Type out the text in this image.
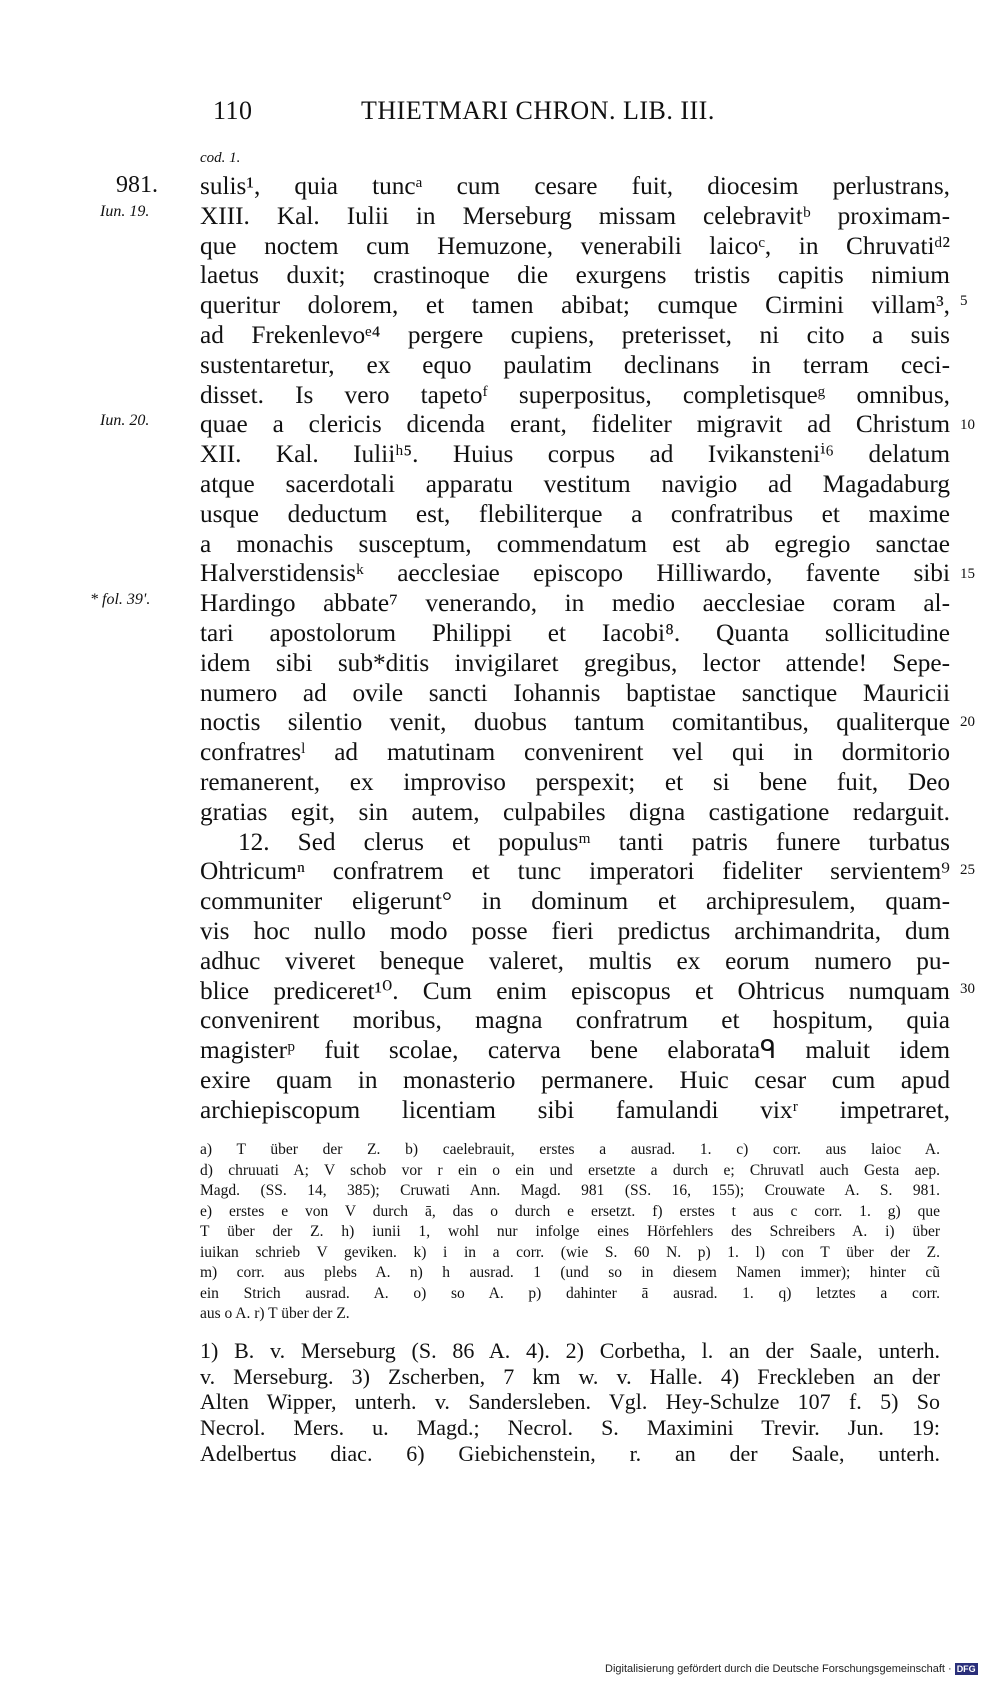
110	THIETMARI CHRON. LIB. III.
cod. 1.
981.
Iun. 19.
Iun. 20.
* fol. 39'.
5
10
15
20
25
30
sulis¹, quia tuncᵃ cum cesare fuit, diocesim perlustrans,
XIII. Kal. Iulii in Merseburg missam celebravitᵇ proximam-
que noctem cum Hemuzone, venerabili laicoᶜ, in Chruvatiᵈ²
laetus duxit; crastinoque die exurgens tristis capitis nimium
queritur dolorem, et tamen abibat; cumque Cirmini villam³,
ad Frekenlevoᵉ⁴ pergere cupiens, preterisset, ni cito a suis
sustentaretur, ex equo paulatim declinans in terram ceci-
disset. Is vero tapetoᶠ superpositus, completisqueᵍ omnibus,
quae a clericis dicenda erant, fideliter migravit ad Christum
XII. Kal. Iuliiʰ⁵. Huius corpus ad Ivikansteniⁱ⁶ delatum
atque sacerdotali apparatu vestitum navigio ad Magadaburg
usque deductum est, flebiliterque a confratribus et maxime
a monachis susceptum, commendatum est ab egregio sanctae
Halverstidensisᵏ aecclesiae episcopo Hilliwardo, favente sibi
Hardingo abbate⁷ venerando, in medio aecclesiae coram al-
tari apostolorum Philippi et Iacobi⁸. Quanta sollicitudine
idem sibi sub*ditis invigilaret gregibus, lector attende! Sepe-
numero ad ovile sancti Iohannis baptistae sanctique Mauricii
noctis silentio venit, duobus tantum comitantibus, qualiterque
confratresˡ ad matutinam convenirent vel qui in dormitorio
remanerent, ex improviso perspexit; et si bene fuit, Deo
gratias egit, sin autem, culpabiles digna castigatione redarguit.
12. Sed clerus et populusᵐ tanti patris funere turbatus
Ohtricumⁿ confratrem et tunc imperatori fideliter servientem⁹
communiter eligerunt° in dominum et archipresulem, quam-
vis hoc nullo modo posse fieri predictus archimandrita, dum
adhuc viveret beneque valeret, multis ex eorum numero pu-
blice prediceret¹⁰. Cum enim episcopus et Ohtricus numquam
convenirent moribus, magna confratrum et hospitum, quia
magisterᵖ fuit scolae, caterva bene elaborataᑫ maluit idem
exire quam in monasterio permanere. Huic cesar cum apud
archiepiscopum licentiam sibi famulandi vixʳ impetraret,
a) T über der Z. b) caelebrauit, erstes a ausrad. 1. c) corr. aus laioc A.
d) chruuati A; V schob vor r ein o ein und ersetzte a durch e; Chruvatl auch Gesta aep.
Magd. (SS. 14, 385); Cruwati Ann. Magd. 981 (SS. 16, 155); Crouwate A. S. 981.
e) erstes e von V durch ā, das o durch e ersetzt. f) erstes t aus c corr. 1. g) que
T über der Z. h) iunii 1, wohl nur infolge eines Hörfehlers des Schreibers A. i) über
iuikan schrieb V geviken. k) i in a corr. (wie S. 60 N. p) 1. l) con T über der Z.
m) corr. aus plebs A. n) h ausrad. 1 (und so in diesem Namen immer); hinter cũ
ein Strich ausrad. A. o) so A. p) dahinter ā ausrad. 1. q) letztes a corr.
aus o A. r) T über der Z.
1) B. v. Merseburg (S. 86 A. 4). 2) Corbetha, l. an der Saale, unterh.
v. Merseburg. 3) Zscherben, 7 km w. v. Halle. 4) Freckleben an der
Alten Wipper, unterh. v. Sandersleben. Vgl. Hey-Schulze 107 f. 5) So
Necrol. Mers. u. Magd.; Necrol. S. Maximini Trevir. Jun. 19:
Adelbertus diac. 6) Giebichenstein, r. an der Saale, unterh.
Digitalisierung gefördert durch die Deutsche Forschungsgemeinschaft · DFG
